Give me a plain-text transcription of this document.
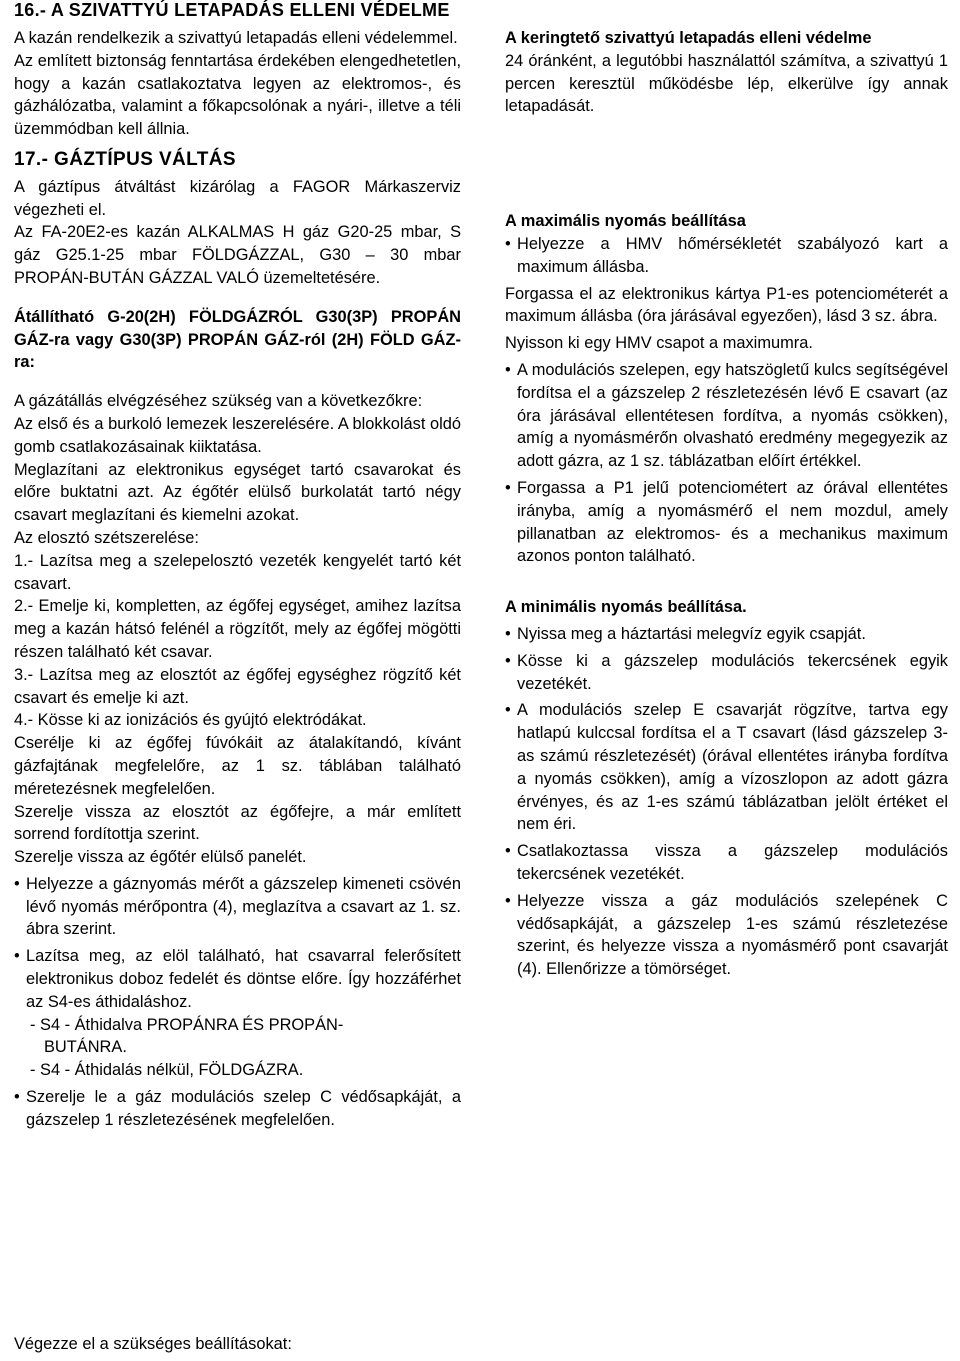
16.- A SZIVATTYÚ LETAPADÁS ELLENI VÉDELME

A kazán rendelkezik a szivattyú letapadás elleni védelemmel.

Az említett biztonság fenntartása érdekében elengedhetetlen, hogy a kazán csatlakoztatva legyen az elektromos-, és gázhálózatba, valamint a főkapcsolónak a nyári-, illetve a téli üzemmódban kell állnia.

17.- GÁZTÍPUS VÁLTÁS

A gáztípus átváltást kizárólag a FAGOR Márkaszerviz végezheti el.

Az FA-20E2-es kazán ALKALMAS H gáz G20-25 mbar, S gáz G25.1-25 mbar FÖLDGÁZZAL, G30 – 30 mbar PROPÁN-BUTÁN GÁZZAL VALÓ üzemeltetésére.

Átállítható G-20(2H) FÖLDGÁZRÓL G30(3P) PROPÁN GÁZ-ra vagy G30(3P) PROPÁN GÁZ-ról (2H) FÖLD GÁZ-ra:

A gázátállás elvégzéséhez szükség van a következőkre:

Az első és a burkoló lemezek leszerelésére. A blokkolást oldó gomb csatlakozásainak kiiktatása.

Meglazítani az elektronikus egységet tartó csavarokat és előre buktatni azt. Az égőtér elülső burkolatát tartó négy csavart meglazítani és kiemelni azokat.

Az elosztó szétszerelése:

1.- Lazítsa meg a szelepelosztó vezeték kengyelét tartó két csavart.

2.- Emelje ki, kompletten, az égőfej egységet, amihez lazítsa meg a kazán hátsó felénél a rögzítőt, mely az égőfej mögötti részen található két csavar.

3.- Lazítsa meg az elosztót az égőfej egységhez rögzítő két csavart és emelje ki azt.

4.- Kösse ki az ionizációs és gyújtó elektródákat.

Cserélje ki az égőfej fúvókáit az átalakítandó, kívánt gázfajtának megfelelőre, az 1 sz. táblában található méretezésnek megfelelően.

Szerelje vissza az elosztót az égőfejre, a már említett sorrend fordítottja szerint.

Szerelje vissza az égőtér elülső panelét.

• Helyezze a gáznyomás mérőt a gázszelep kimeneti csövén lévő nyomás mérőpontra (4), meglazítva a csavart az 1. sz. ábra szerint.

• Lazítsa meg, az elöl található, hat csavarral felerősített elektronikus doboz fedelét és döntse előre. Így hozzáférhet az S4-es áthidaláshoz.

- S4 - Áthidalva PROPÁNRA ÉS PROPÁN-

BUTÁNRA.

- S4 - Áthidalás nélkül, FÖLDGÁZRA.

• Szerelje le a gáz modulációs szelep C védősapkáját, a gázszelep 1 részletezésének megfelelően.

A keringtető szivattyú letapadás elleni védelme

24 óránként, a legutóbbi használattól számítva, a szivattyú 1 percen keresztül működésbe lép, elkerülve így annak letapadását.

A maximális nyomás beállítása

• Helyezze a HMV hőmérsékletét szabályozó kart a maximum állásba.

Forgassa el az elektronikus kártya P1-es potenciométerét a maximum állásba (óra járásával egyezően), lásd 3 sz. ábra.

Nyisson ki egy HMV csapot a maximumra.

• A modulációs szelepen, egy hatszögletű kulcs segítségével fordítsa el a gázszelep 2 részletezésén lévő E csavart (az óra járásával ellentétesen fordítva, a nyomás csökken), amíg a nyomásmérőn olvasható eredmény megegyezik az adott gázra, az 1 sz. táblázatban előírt értékkel.

• Forgassa a P1 jelű potenciométert az órával ellentétes irányba, amíg a nyomásmérő el nem mozdul, amely pillanatban az elektromos- és a mechanikus maximum azonos ponton található.

A minimális nyomás beállítása.

• Nyissa meg a háztartási melegvíz egyik csapját.

• Kösse ki a gázszelep modulációs tekercsének egyik vezetékét.

• A modulációs szelep E csavarját rögzítve, tartva egy hatlapú kulccsal fordítsa el a T csavart (lásd gázszelep 3-as számú részletezését) (órával ellentétes irányba fordítva a nyomás csökken), amíg a vízoszlopon az adott gázra érvényes, és az 1-es számú táblázatban jelölt értéket el nem éri.

• Csatlakoztassa vissza a gázszelep modulációs tekercsének vezetékét.

• Helyezze vissza a gáz modulációs szelepének C védősapkáját, a gázszelep 1-es számú részletezése szerint, és helyezze vissza a nyomásmérő pont csavarját (4). Ellenőrizze a tömörséget.

Végezze el a szükséges beállításokat:
